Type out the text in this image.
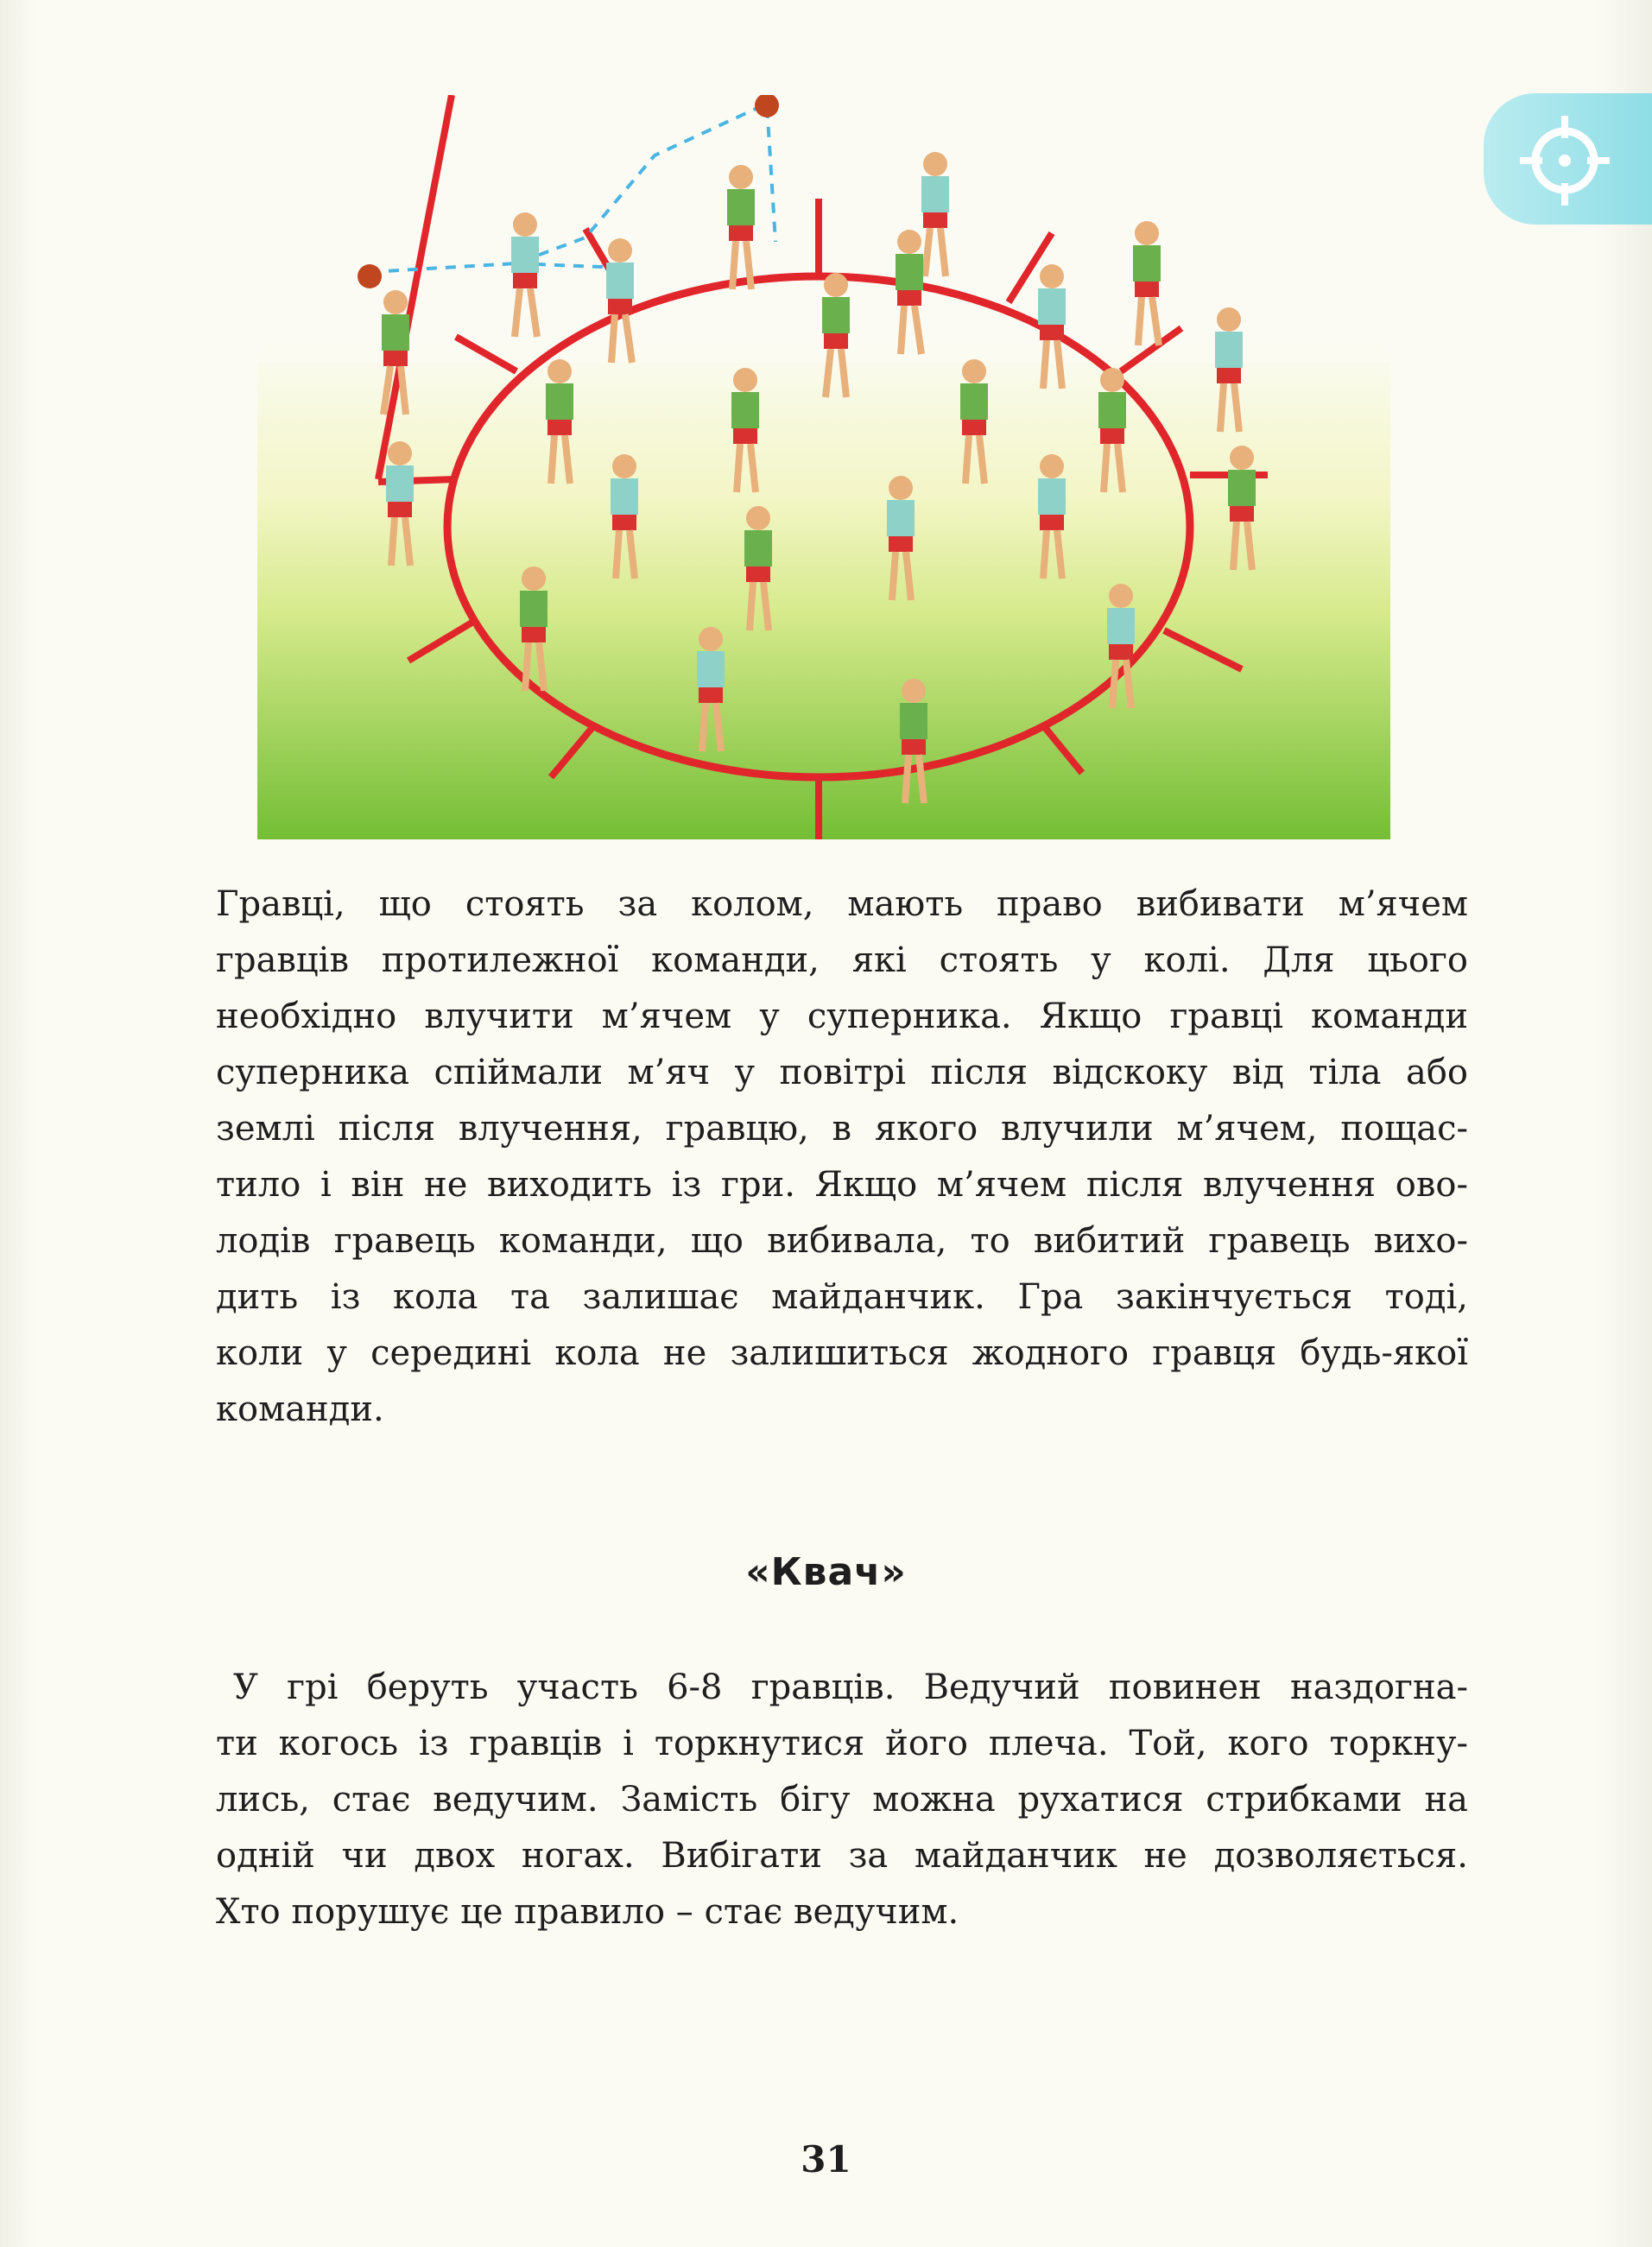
Гравці, що стоять за колом, мають право вибивати м’ячем
гравців протилежної команди, які стоять у колі. Для цього
необхідно влучити м’ячем у суперника. Якщо гравці команди
суперника спіймали м’яч у повітрі після відскоку від тіла або
землі після влучення, гравцю, в якого влучили м’ячем, пощас-
тило і він не виходить із гри. Якщо м’ячем після влучення ово-
лодів гравець команди, що вибивала, то вибитий гравець вихо-
дить із кола та залишає майданчик. Гра закінчується тоді,
коли у середині кола не залишиться жодного гравця будь-якої
команди.
«Квач»
У грі беруть участь 6-8 гравців. Ведучий повинен наздогна-
ти когось із гравців і торкнутися його плеча. Той, кого торкну-
лись, стає ведучим. Замість бігу можна рухатися стрибками на
одній чи двох ногах. Вибігати за майданчик не дозволяється.
Хто порушує це правило – стає ведучим.
31
